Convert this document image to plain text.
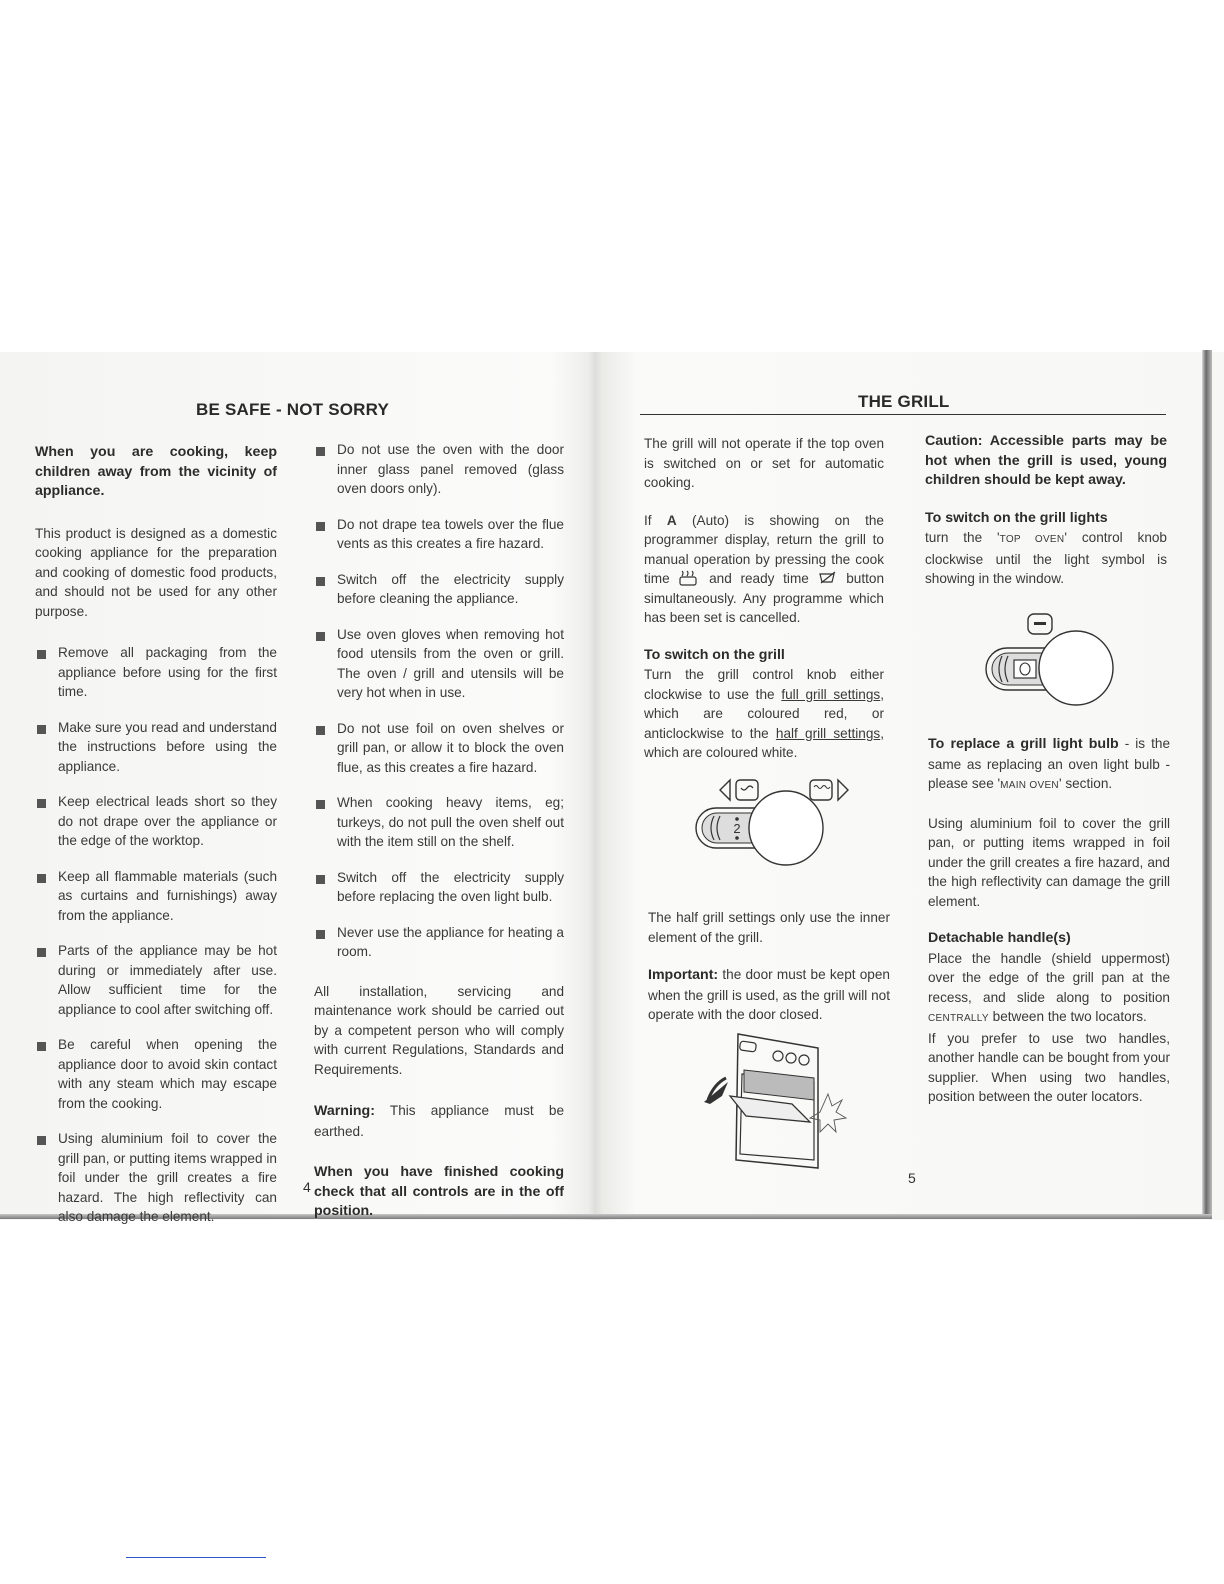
BE SAFE - NOT SORRY

When you are cooking, keep children away from the vicinity of appliance.

This product is designed as a domestic cooking appliance for the preparation and cooking of domestic food products, and should not be used for any other purpose.

Remove all packaging from the appliance before using for the first time.
Make sure you read and understand the instructions before using the appliance.
Keep electrical leads short so they do not drape over the appliance or the edge of the worktop.
Keep all flammable materials (such as curtains and furnishings) away from the appliance.
Parts of the appliance may be hot during or immediately after use. Allow sufficient time for the appliance to cool after switching off.
Be careful when opening the appliance door to avoid skin contact with any steam which may escape from the cooking.
Using aluminium foil to cover the grill pan, or putting items wrapped in foil under the grill creates a fire hazard. The high reflectivity can also damage the element.
Do not use the oven with the door inner glass panel removed (glass oven doors only).
Do not drape tea towels over the flue vents as this creates a fire hazard.
Switch off the electricity supply before cleaning the appliance.
Use oven gloves when removing hot food utensils from the oven or grill. The oven / grill and utensils will be very hot when in use.
Do not use foil on oven shelves or grill pan, or allow it to block the oven flue, as this creates a fire hazard.
When cooking heavy items, eg; turkeys, do not pull the oven shelf out with the item still on the shelf.
Switch off the electricity supply before replacing the oven light bulb.
Never use the appliance for heating a room.

All installation, servicing and maintenance work should be carried out by a competent person who will comply with current Regulations, Standards and Requirements.

Warning: This appliance must be earthed.

When you have finished cooking check that all controls are in the off position.

4
THE GRILL

The grill will not operate if the top oven is switched on or set for automatic cooking.

If A (Auto) is showing on the programmer display, return the grill to manual operation by pressing the cook time	and ready time	button simultaneously. Any programme which has been set is cancelled.

To switch on the grill
Turn the grill control knob either clockwise to use the full grill settings, which are coloured red, or anticlockwise to the half grill settings, which are coloured white.

2

The half grill settings only use the inner element of the grill.

Important: the door must be kept open when the grill is used, as the grill will not operate with the door closed.

Caution: Accessible parts may be hot when the grill is used, young children should be kept away.

To switch on the grill lights
turn the 'TOP OVEN' control knob clockwise until the light symbol is showing in the window.

To replace a grill light bulb - is the same as replacing an oven light bulb - please see 'MAIN OVEN' section.

Using aluminium foil to cover the grill pan, or putting items wrapped in foil under the grill creates a fire hazard, and the high reflectivity can damage the grill element.

Detachable handle(s)
Place the handle (shield uppermost) over the edge of the grill pan at the recess, and slide along to position CENTRALLY between the two locators.
If you prefer to use two handles, another handle can be bought from your supplier. When using two handles, position between the outer locators.

5
